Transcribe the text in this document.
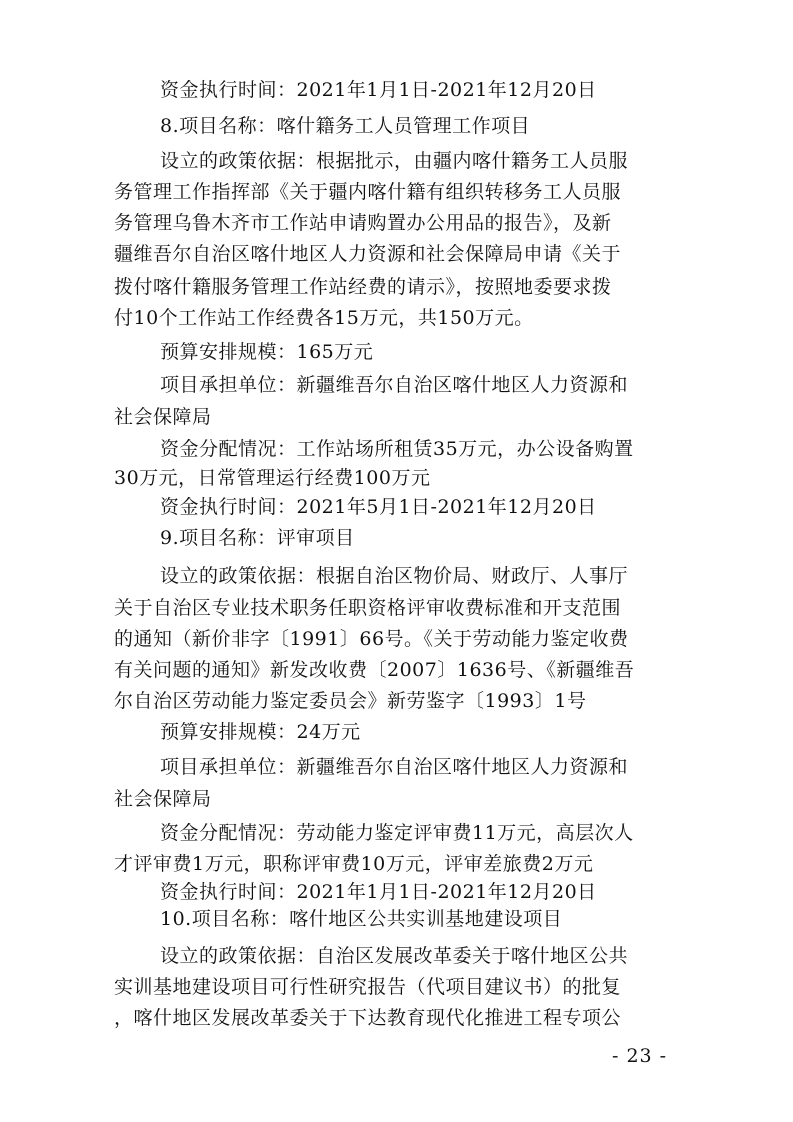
资金执行时间：2021年1月1日-2021年12月20日
8.项目名称：喀什籍务工人员管理工作项目
设立的政策依据：根据批示，由疆内喀什籍务工人员服
务管理工作指挥部《关于疆内喀什籍有组织转移务工人员服
务管理乌鲁木齐市工作站申请购置办公用品的报告》，及新
疆维吾尔自治区喀什地区人力资源和社会保障局申请《关于
拨付喀什籍服务管理工作站经费的请示》，按照地委要求拨
付10个工作站工作经费各15万元，共150万元。
预算安排规模：165万元
项目承担单位：新疆维吾尔自治区喀什地区人力资源和
社会保障局
资金分配情况：工作站场所租赁35万元，办公设备购置
30万元，日常管理运行经费100万元
资金执行时间：2021年5月1日-2021年12月20日
9.项目名称：评审项目
设立的政策依据：根据自治区物价局、财政厅、人事厅
关于自治区专业技术职务任职资格评审收费标准和开支范围
的通知（新价非字〔1991〕66号。《关于劳动能力鉴定收费
有关问题的通知》新发改收费〔2007〕1636号、《新疆维吾
尔自治区劳动能力鉴定委员会》新劳鉴字〔1993〕1号
预算安排规模：24万元
项目承担单位：新疆维吾尔自治区喀什地区人力资源和
社会保障局
资金分配情况：劳动能力鉴定评审费11万元，高层次人
才评审费1万元，职称评审费10万元，评审差旅费2万元
资金执行时间：2021年1月1日-2021年12月20日
10.项目名称：喀什地区公共实训基地建设项目
设立的政策依据：自治区发展改革委关于喀什地区公共
实训基地建设项目可行性研究报告（代项目建议书）的批复
，喀什地区发展改革委关于下达教育现代化推进工程专项公
- 23 -
